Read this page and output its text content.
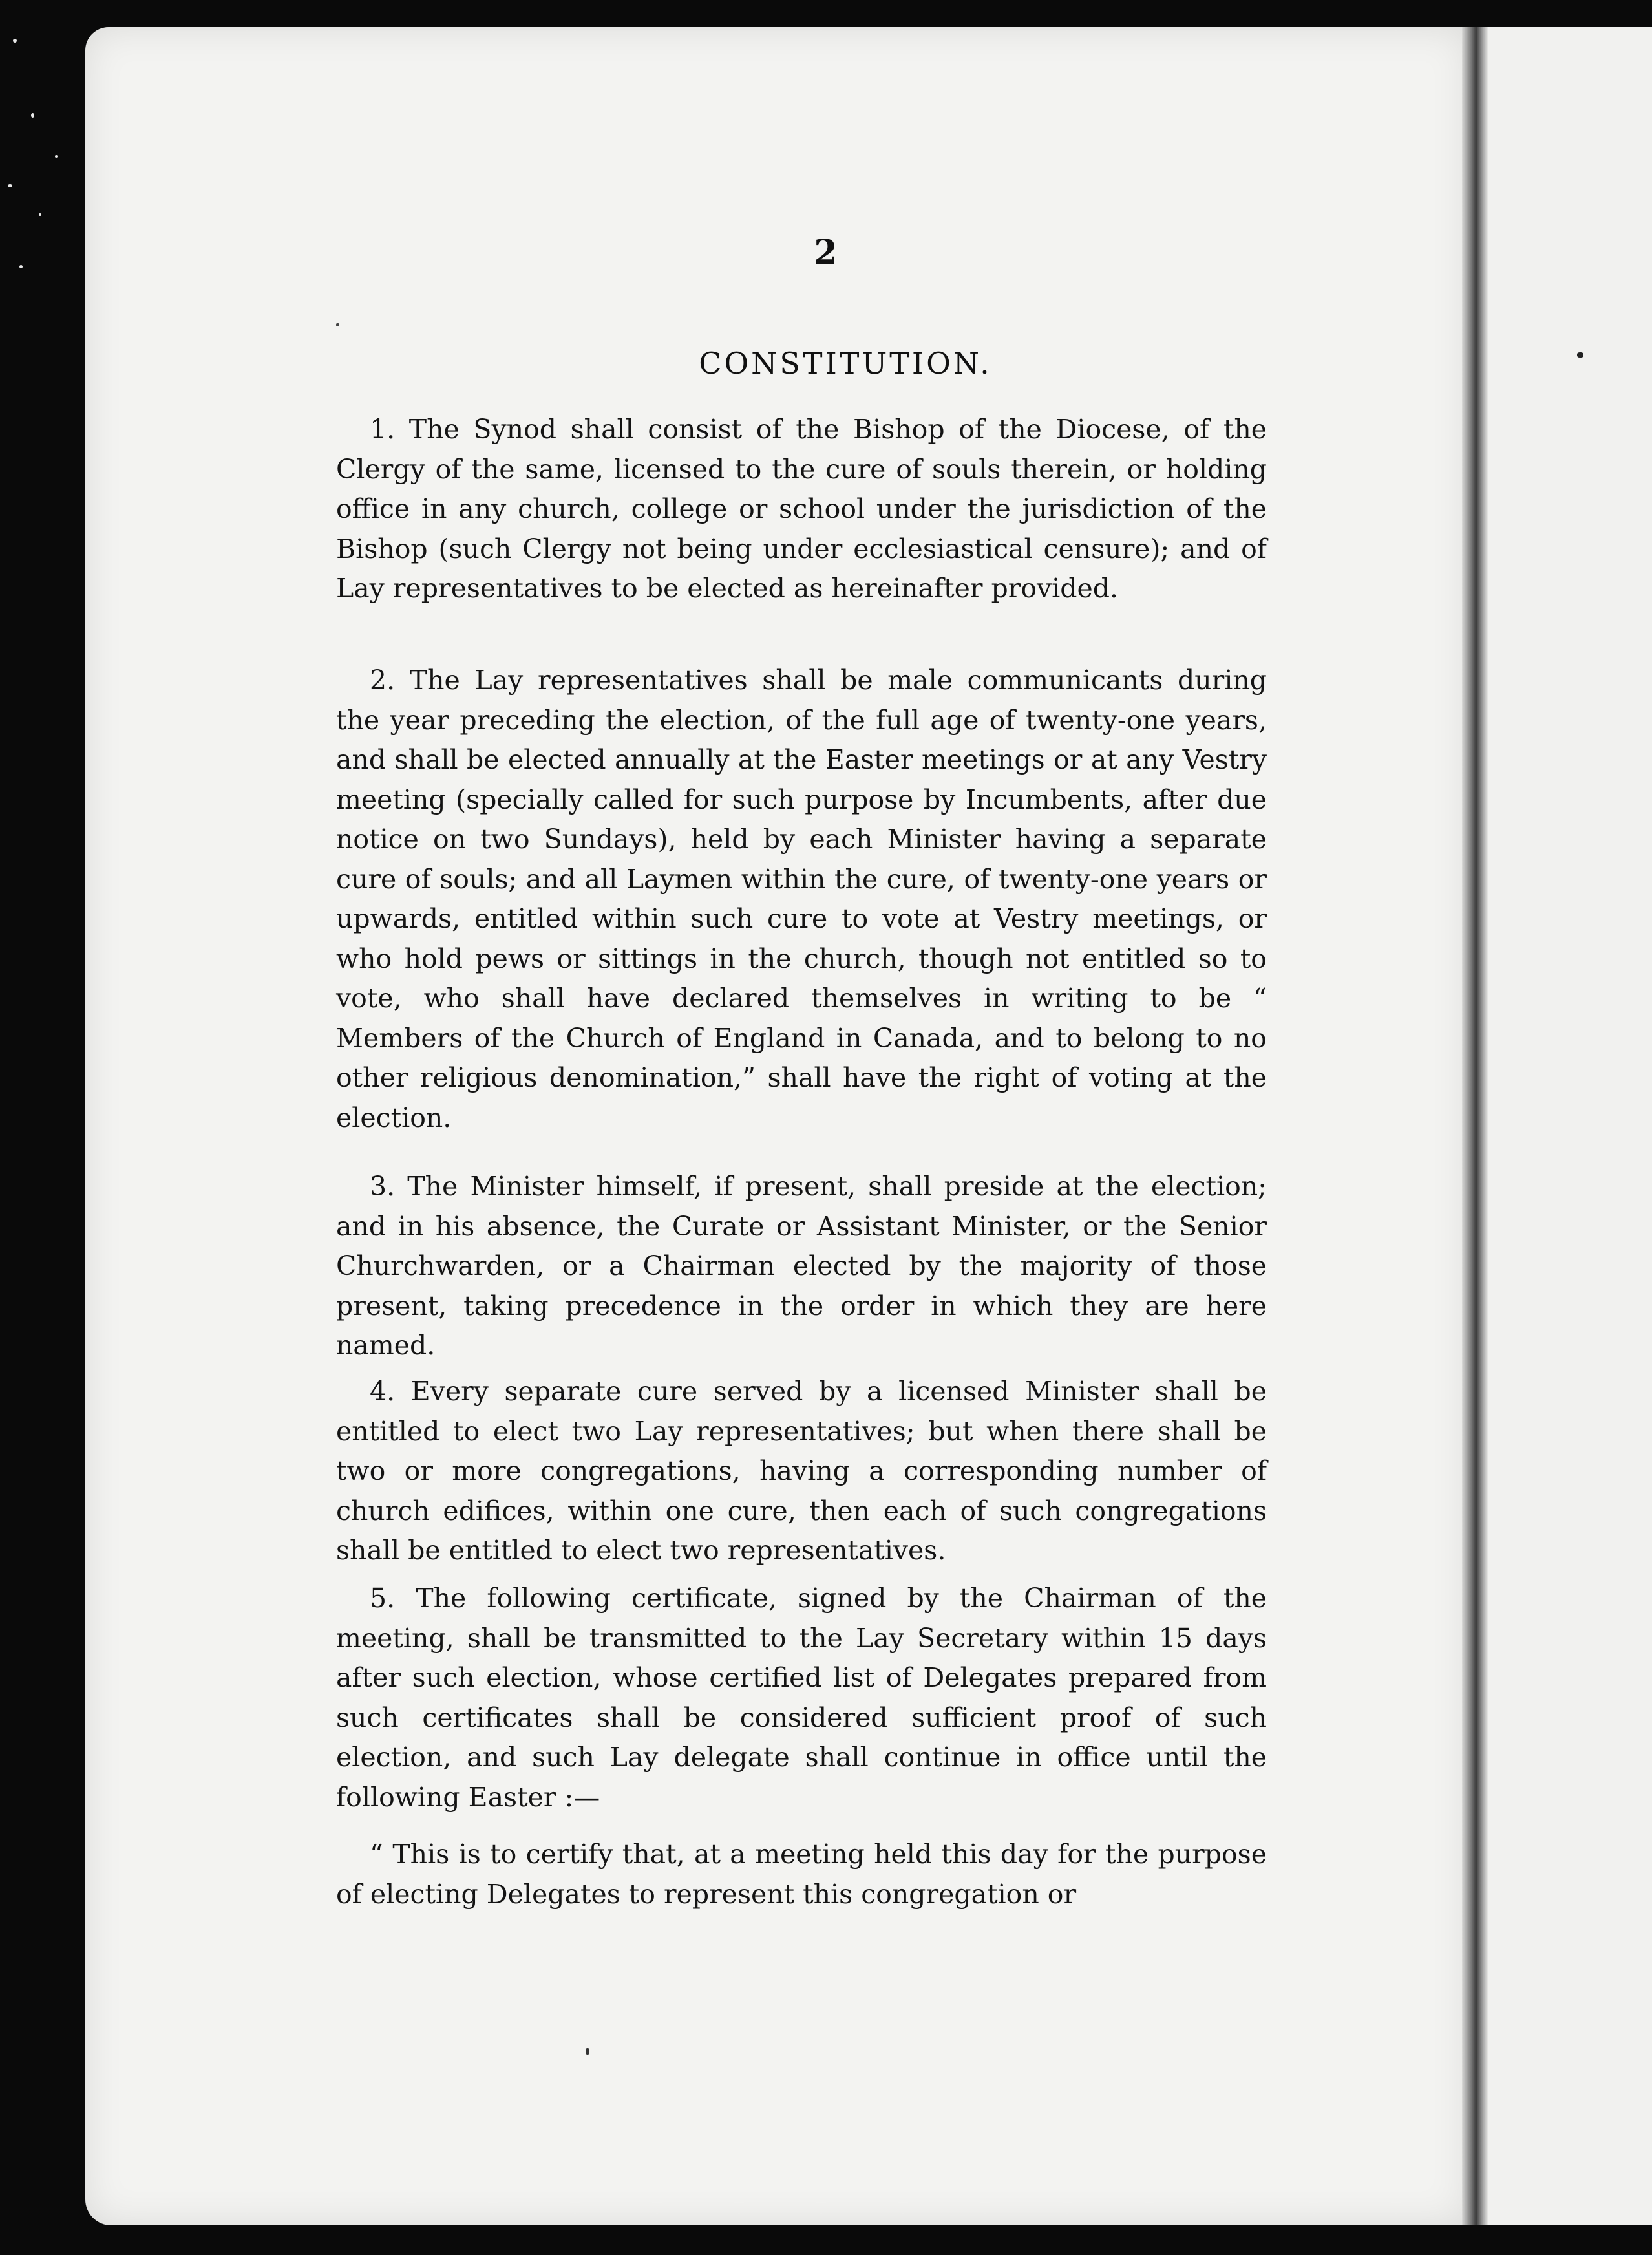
2
CONSTITUTION.

1. The Synod shall consist of the Bishop of the Diocese, of the Clergy of the same, licensed to the cure of souls therein, or holding office in any church, college or school under the jurisdiction of the Bishop (such Clergy not being under ecclesiastical censure); and of Lay representatives to be elected as hereinafter provided.

2. The Lay representatives shall be male communicants during the year preceding the election, of the full age of twenty-one years, and shall be elected annually at the Easter meetings or at any Vestry meeting (specially called for such purpose by Incumbents, after due notice on two Sundays), held by each Minister having a separate cure of souls; and all Laymen within the cure, of twenty-one years or upwards, entitled within such cure to vote at Vestry meetings, or who hold pews or sittings in the church, though not entitled so to vote, who shall have declared themselves in writing to be “ Members of the Church of England in Canada, and to belong to no other religious denomination,” shall have the right of voting at the election.

3. The Minister himself, if present, shall preside at the election; and in his absence, the Curate or Assistant Minister, or the Senior Churchwarden, or a Chairman elected by the majority of those present, taking precedence in the order in which they are here named.

4. Every separate cure served by a licensed Minister shall be entitled to elect two Lay representatives; but when there shall be two or more congregations, having a corresponding number of church edifices, within one cure, then each of such congregations shall be entitled to elect two representatives.

5. The following certificate, signed by the Chairman of the meeting, shall be transmitted to the Lay Secretary within 15 days after such election, whose certified list of Delegates prepared from such certificates shall be considered sufficient proof of such election, and such Lay delegate shall continue in office until the following Easter :—

“ This is to certify that, at a meeting held this day for the purpose of electing Delegates to represent this congregation or
